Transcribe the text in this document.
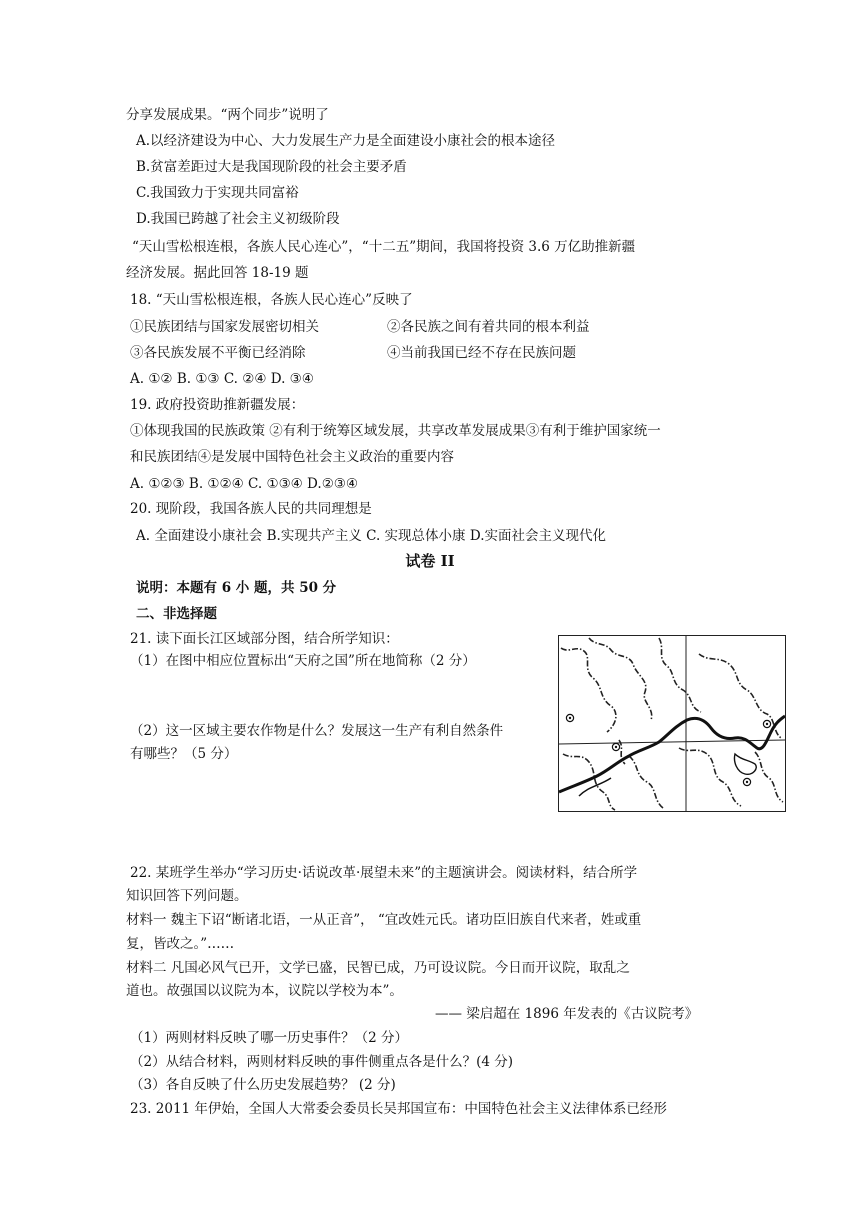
分享发展成果。“两个同步”说明了
A.以经济建设为中心、大力发展生产力是全面建设小康社会的根本途径
B.贫富差距过大是我国现阶段的社会主要矛盾
C.我国致力于实现共同富裕
D.我国已跨越了社会主义初级阶段
“天山雪松根连根，各族人民心连心”，“十二五”期间，我国将投资 3.6 万亿助推新疆
经济发展。据此回答 18-19 题
18. “天山雪松根连根，各族人民心连心”反映了
①民族团结与国家发展密切相关	②各民族之间有着共同的根本利益
③各民族发展不平衡已经消除	④当前我国已经不存在民族问题
A. ①② B. ①③ C. ②④ D. ③④
19. 政府投资助推新疆发展：
①体现我国的民族政策 ②有利于统筹区域发展，共享改革发展成果③有利于维护国家统一
和民族团结④是发展中国特色社会主义政治的重要内容
A. ①②③ B. ①②④ C. ①③④ D.②③④
20. 现阶段，我国各族人民的共同理想是
A. 全面建设小康社会 B.实现共产主义 C. 实现总体小康 D.实面社会主义现代化
试卷 II
说明：本题有 6 小 题，共 50 分
二、非选择题
21. 读下面长江区域部分图，结合所学知识：
（1）在图中相应位置标出“天府之国”所在地简称（2 分）
（2）这一区域主要农作物是什么？发展这一生产有利自然条件
有哪些？（5 分）
22. 某班学生举办“学习历史·话说改革·展望未来”的主题演讲会。阅读材料，结合所学
知识回答下列问题。
材料一 魏主下诏“断诸北语，一从正音”， “宜改姓元氏。诸功臣旧族自代来者，姓或重
复，皆改之。”……
材料二 凡国必风气已开，文学已盛，民智已成，乃可设议院。今日而开议院，取乱之
道也。故强国以议院为本，议院以学校为本”。
—— 梁启超在 1896 年发表的《古议院考》
（1）两则材料反映了哪一历史事件？（2 分）
（2）从结合材料，两则材料反映的事件侧重点各是什么？(4 分)
（3）各自反映了什么历史发展趋势？ (2 分)
23. 2011 年伊始，全国人大常委会委员长吴邦国宣布：中国特色社会主义法律体系已经形
